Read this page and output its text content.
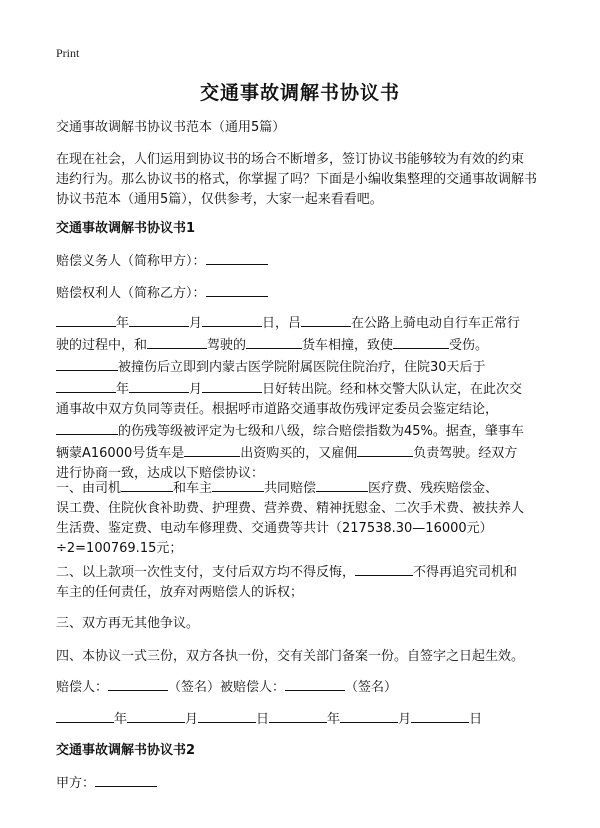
Print
交通事故调解书协议书

交通事故调解书协议书范本（通用5篇）

在现在社会，人们运用到协议书的场合不断增多，签订协议书能够较为有效的约束

违约行为。那么协议书的格式，你掌握了吗？下面是小编收集整理的交通事故调解书

协议书范本（通用5篇），仅供参考，大家一起来看看吧。

交通事故调解书协议书1

赔偿义务人（简称甲方）：

赔偿权利人（简称乙方）：

年	月	日，吕	在公路上骑电动自行车正常行

驶的过程中，和	驾驶的	货车相撞，致使	受伤。

被撞伤后立即到内蒙古医学院附属医院住院治疗，住院30天后于

年	月	日好转出院。经和林交警大队认定，在此次交

通事故中双方负同等责任。根据呼市道路交通事故伤残评定委员会鉴定结论，

的伤残等级被评定为七级和八级，综合赔偿指数为45%。据查，肇事车

辆蒙A16000号货车是	出资购买的，又雇佣	负责驾驶。经双方

进行协商一致，达成以下赔偿协议：

一、由司机	和车主	共同赔偿	医疗费、残疾赔偿金、

误工费、住院伙食补助费、护理费、营养费、精神抚慰金、二次手术费、被扶养人

生活费、鉴定费、电动车修理费、交通费等共计（217538.30—16000元）

÷2=100769.15元；

二、以上款项一次性支付，支付后双方均不得反悔，	不得再追究司机和

车主的任何责任，放弃对两赔偿人的诉权；

三、双方再无其他争议。

四、本协议一式三份，双方各执一份，交有关部门备案一份。自签字之日起生效。

赔偿人：	（签名）被赔偿人：	（签名）

年	月	日	年	月	日

交通事故调解书协议书2

甲方：
